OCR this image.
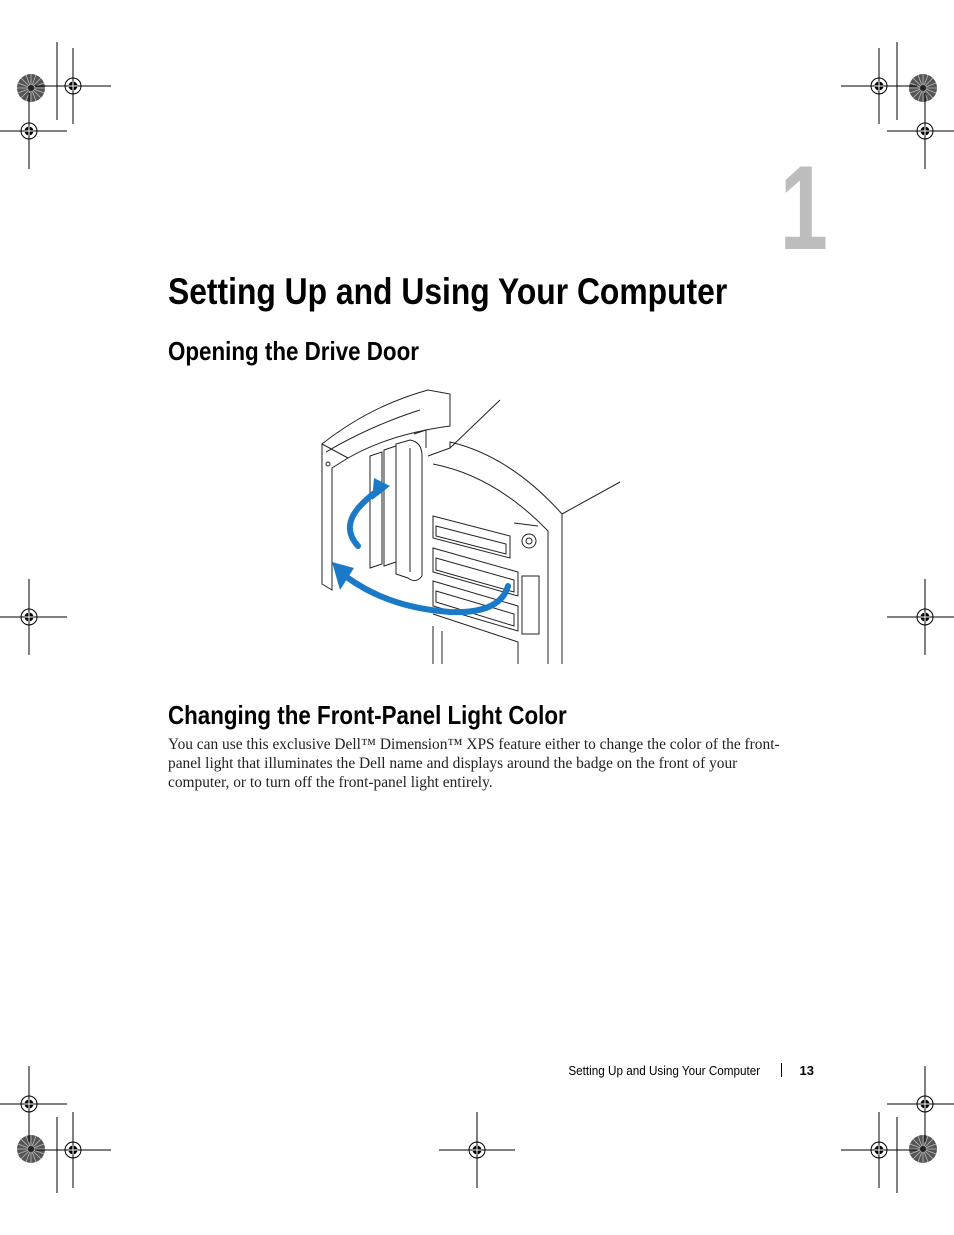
1
Setting Up and Using Your Computer
Opening the Drive Door
Changing the Front-Panel Light Color

You can use this exclusive Dell™ Dimension™ XPS feature either to change the color of the front-panel light that illuminates the Dell name and displays around the badge on the front of your computer, or to turn off the front-panel light entirely.

Setting Up and Using Your Computer	13
